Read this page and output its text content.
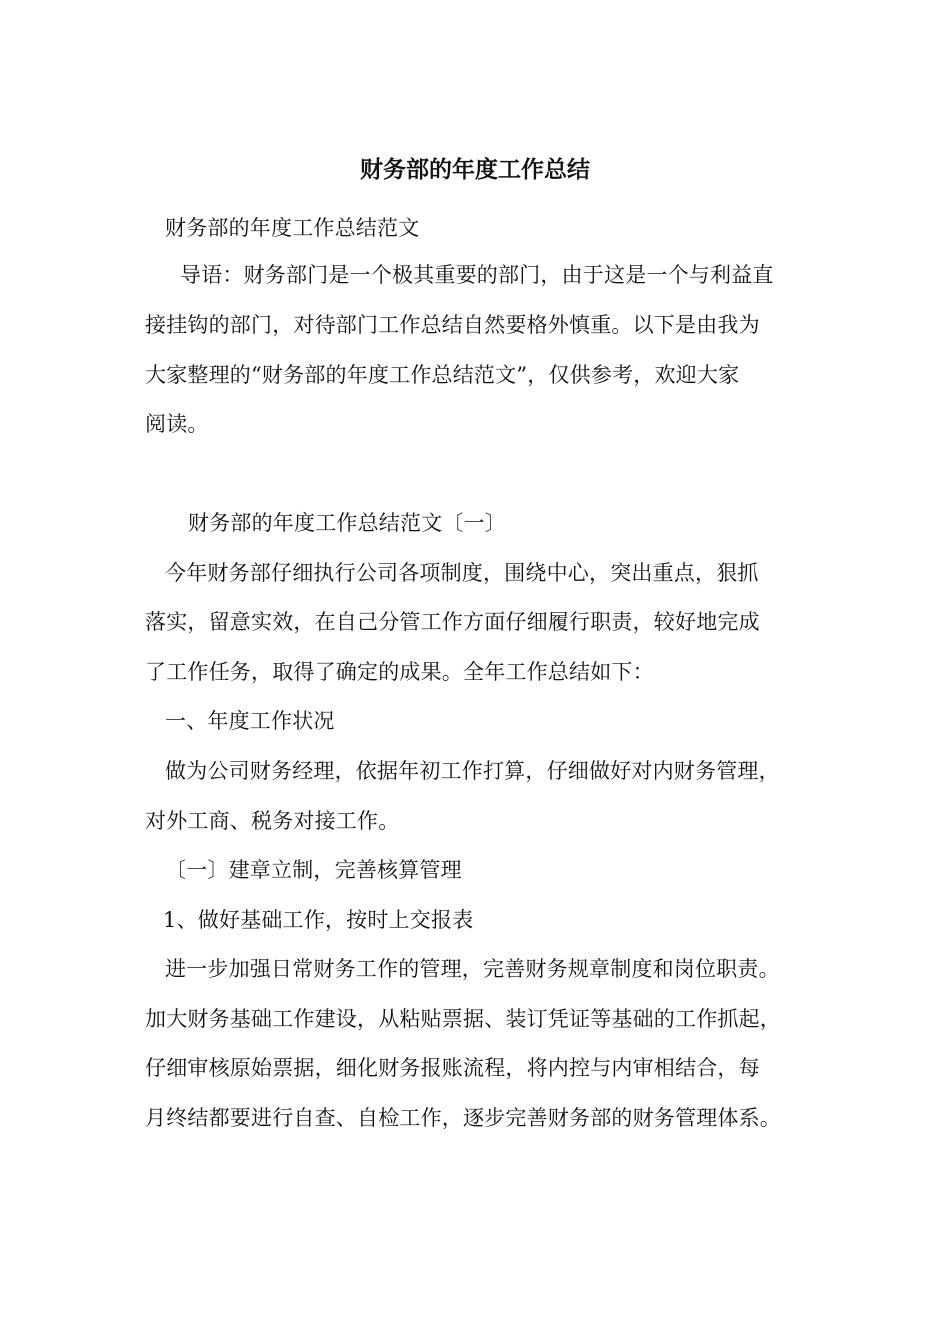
财务部的年度工作总结
财务部的年度工作总结范文
导语：财务部门是一个极其重要的部门，由于这是一个与利益直
接挂钩的部门，对待部门工作总结自然要格外慎重。以下是由我为
大家整理的“财务部的年度工作总结范文”，仅供参考，欢迎大家
阅读。
财务部的年度工作总结范文〔一〕
今年财务部仔细执行公司各项制度，围绕中心，突出重点，狠抓
落实，留意实效，在自己分管工作方面仔细履行职责，较好地完成
了工作任务，取得了确定的成果。全年工作总结如下：
一、年度工作状况
做为公司财务经理，依据年初工作打算，仔细做好对内财务管理，
对外工商、税务对接工作。
〔一〕建章立制，完善核算管理
1、做好基础工作，按时上交报表
进一步加强日常财务工作的管理，完善财务规章制度和岗位职责。
加大财务基础工作建设，从粘贴票据、装订凭证等基础的工作抓起，
仔细审核原始票据，细化财务报账流程，将内控与内审相结合，每
月终结都要进行自查、自检工作，逐步完善财务部的财务管理体系。
